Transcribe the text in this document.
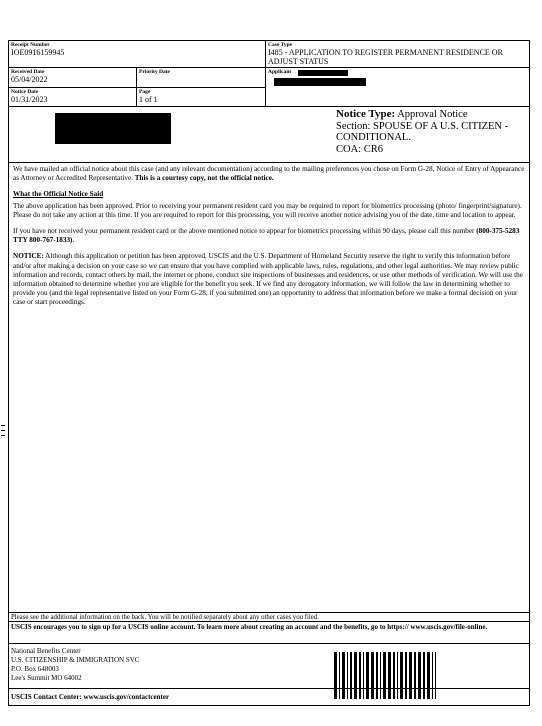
Receipt Number
IOE0916159945
Case Type
I485 - APPLICATION TO REGISTER PERMANENT RESIDENCE OR ADJUST STATUS
Received Date
05/04/2022
Priority Date	Applicant
Notice Date
01/31/2023
Page
1 of 1
Notice Type: Approval Notice
Section: SPOUSE OF A U.S. CITIZEN - CONDITIONAL.
COA: CR6

We have mailed an official notice about this case (and any relevant documentation) according to the mailing preferences you chose on Form G-28, Notice of Entry of Appearance as Attorney or Accredited Representative. This is a courtesy copy, not the official notice.

What the Official Notice Said

The above application has been approved. Prior to receiving your permanent resident card you may be required to report for biometrics processing (photo/ fingerprint/signature). Please do not take any action at this time. If you are required to report for this processing, you will receive another notice advising you of the date, time and location to appear.

If you have not received your permanent resident card or the above mentioned notice to appear for biometrics processing within 90 days, please call this number (800-375-5283 TTY 800-767-1833).

NOTICE: Although this application or petition has been approved, USCIS and the U.S. Department of Homeland Security reserve the right to verify this information before and/or after making a decision on your case so we can ensure that you have complied with applicable laws, rules, regulations, and other legal authorities. We may review public information and records, contact others by mail, the internet or phone, conduct site inspections of businesses and residences, or use other methods of verification. We will use the information obtained to determine whether you are eligible for the benefit you seek. If we find any derogatory information, we will follow the law in determining whether to provide you (and the legal representative listed on your Form G-28, if you submitted one) an opportunity to address that information before we make a formal decision on your case or start proceedings.

Please see the additional information on the back. You will be notified separately about any other cases you filed.
USCIS encourages you to sign up for a USCIS online account. To learn more about creating an account and the benefits, go to https:// www.uscis.gov/file-online.
National Benefits Center
U.S. CITIZENSHIP & IMMIGRATION SVC
P.O. Box 648003
Lee's Summit MO 64002
USCIS Contact Center: www.uscis.gov/contactcenter
